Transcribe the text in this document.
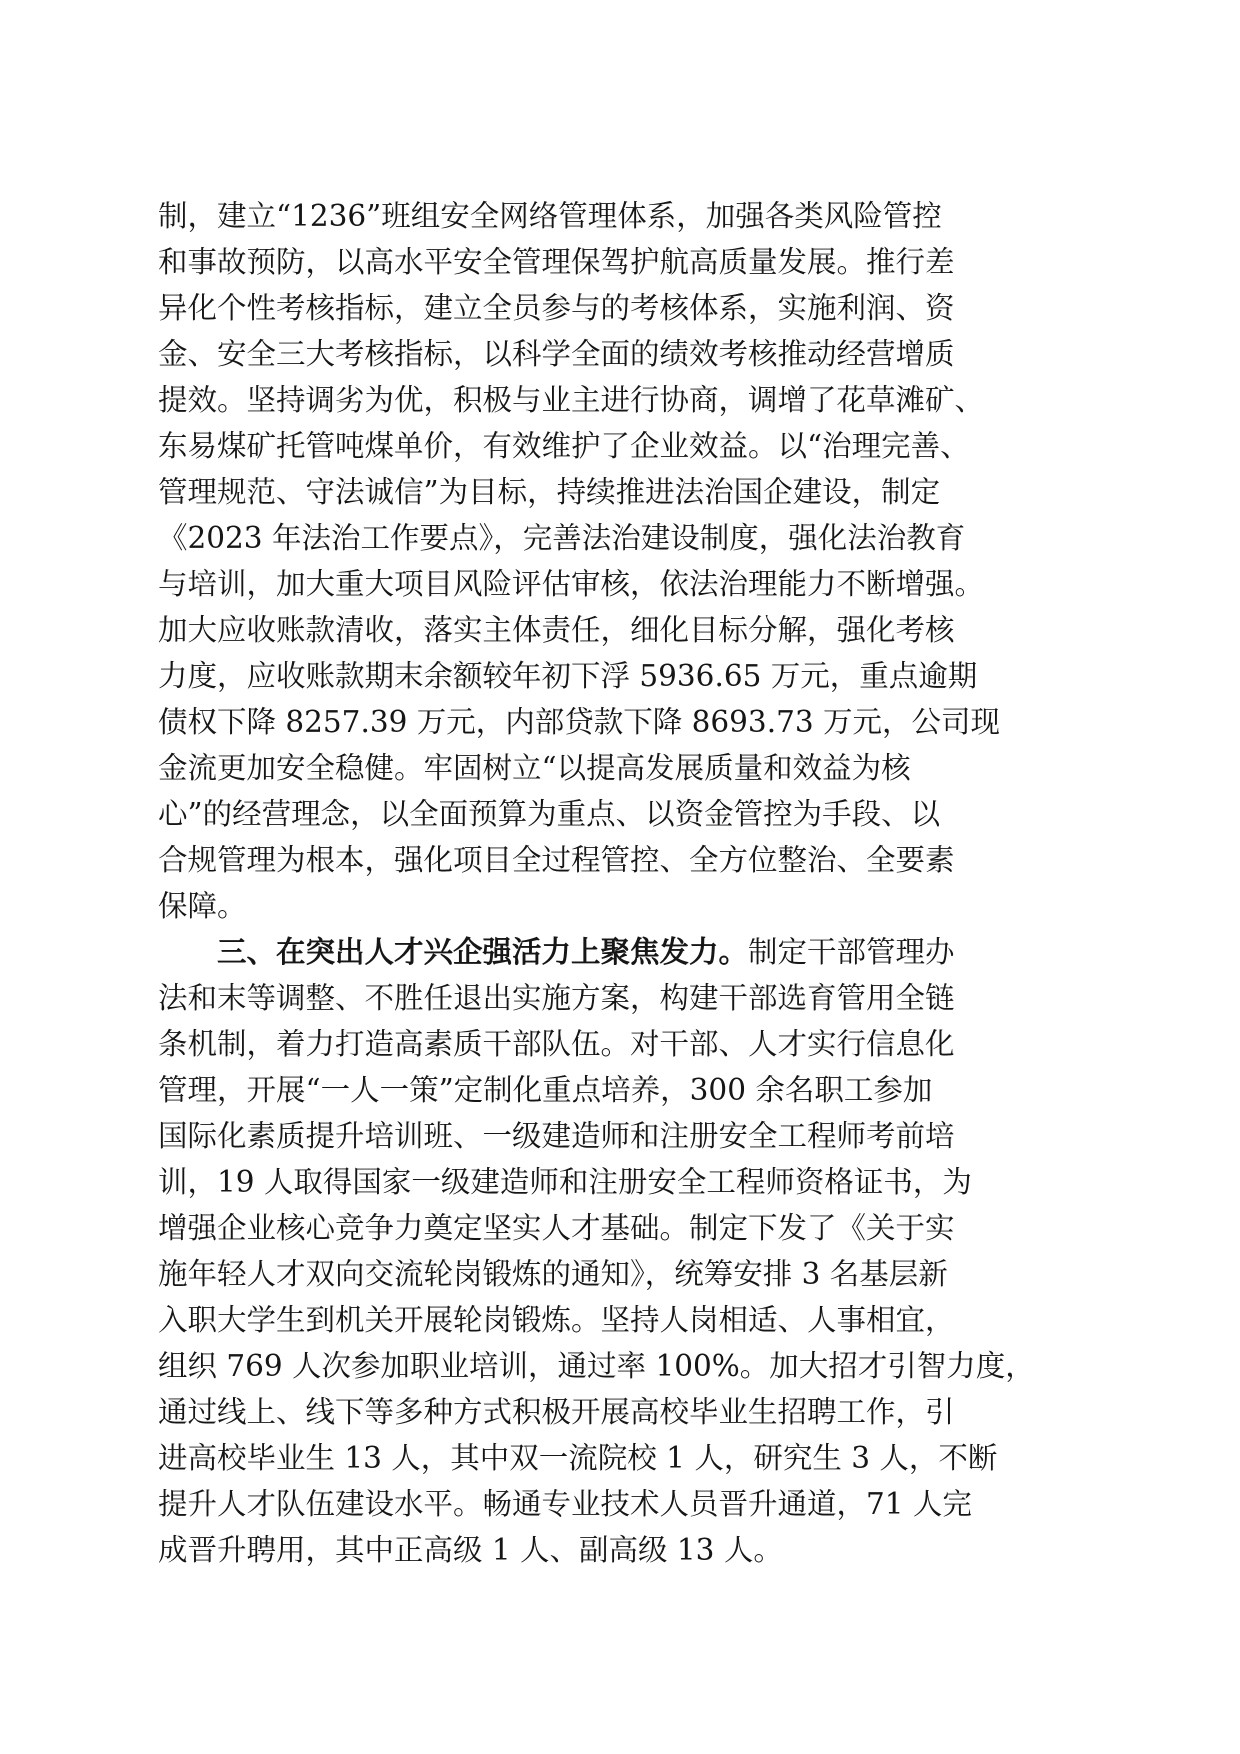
制，建立“1236”班组安全网络管理体系，加强各类风险管控
和事故预防，以高水平安全管理保驾护航高质量发展。推行差
异化个性考核指标，建立全员参与的考核体系，实施利润、资
金、安全三大考核指标，以科学全面的绩效考核推动经营增质
提效。坚持调劣为优，积极与业主进行协商，调增了花草滩矿、
东易煤矿托管吨煤单价，有效维护了企业效益。以“治理完善、
管理规范、守法诚信”为目标，持续推进法治国企建设，制定
《2023 年法治工作要点》，完善法治建设制度，强化法治教育
与培训，加大重大项目风险评估审核，依法治理能力不断增强。
加大应收账款清收，落实主体责任，细化目标分解，强化考核
力度，应收账款期末余额较年初下浮 5936.65 万元，重点逾期
债权下降 8257.39 万元，内部贷款下降 8693.73 万元，公司现
金流更加安全稳健。牢固树立“以提高发展质量和效益为核
心”的经营理念，以全面预算为重点、以资金管控为手段、以
合规管理为根本，强化项目全过程管控、全方位整治、全要素
保障。
三、在突出人才兴企强活力上聚焦发力。制定干部管理办
法和末等调整、不胜任退出实施方案，构建干部选育管用全链
条机制，着力打造高素质干部队伍。对干部、人才实行信息化
管理，开展“一人一策”定制化重点培养，300 余名职工参加
国际化素质提升培训班、一级建造师和注册安全工程师考前培
训，19 人取得国家一级建造师和注册安全工程师资格证书，为
增强企业核心竞争力奠定坚实人才基础。制定下发了《关于实
施年轻人才双向交流轮岗锻炼的通知》，统筹安排 3 名基层新
入职大学生到机关开展轮岗锻炼。坚持人岗相适、人事相宜，
组织 769 人次参加职业培训，通过率 100%。加大招才引智力度，
通过线上、线下等多种方式积极开展高校毕业生招聘工作，引
进高校毕业生 13 人，其中双一流院校 1 人，研究生 3 人，不断
提升人才队伍建设水平。畅通专业技术人员晋升通道，71 人完
成晋升聘用，其中正高级 1 人、副高级 13 人。
